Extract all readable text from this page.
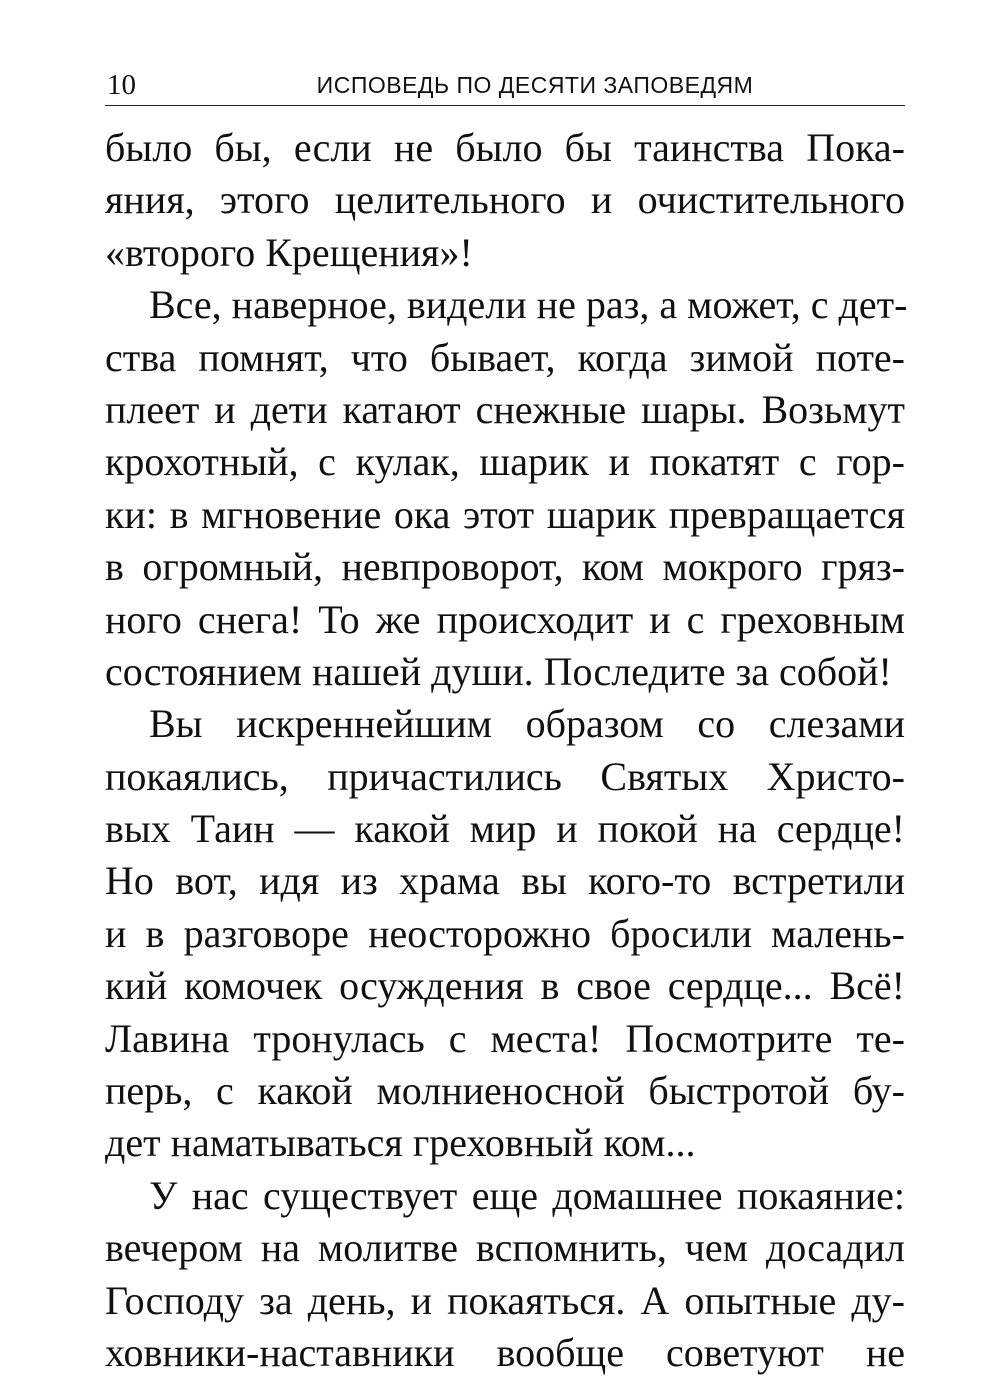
10	ИСПОВЕДЬ ПО ДЕСЯТИ ЗАПОВЕДЯМ
было бы, если не было бы таинства Пока-
яния, этого целительного и очистительного
«второго Крещения»!
Все, наверное, видели не раз, а может, с дет-
ства помнят, что бывает, когда зимой поте-
плеет и дети катают снежные шары. Возьмут
крохотный, с кулак, шарик и покатят с гор-
ки: в мгновение ока этот шарик превращается
в огромный, невпроворот, ком мокрого гряз-
ного снега! То же происходит и с греховным
состоянием нашей души. Последите за собой!
Вы искреннейшим образом со слезами
покаялись, причастились Святых Христо-
вых Таин — какой мир и покой на сердце!
Но вот, идя из храма вы кого-то встретили
и в разговоре неосторожно бросили малень-
кий комочек осуждения в свое сердце... Всё!
Лавина тронулась с места! Посмотрите те-
перь, с какой молниеносной быстротой бу-
дет наматываться греховный ком...
У нас существует еще домашнее покаяние:
вечером на молитве вспомнить, чем досадил
Господу за день, и покаяться. А опытные ду-
ховники-наставники вообще советуют не
